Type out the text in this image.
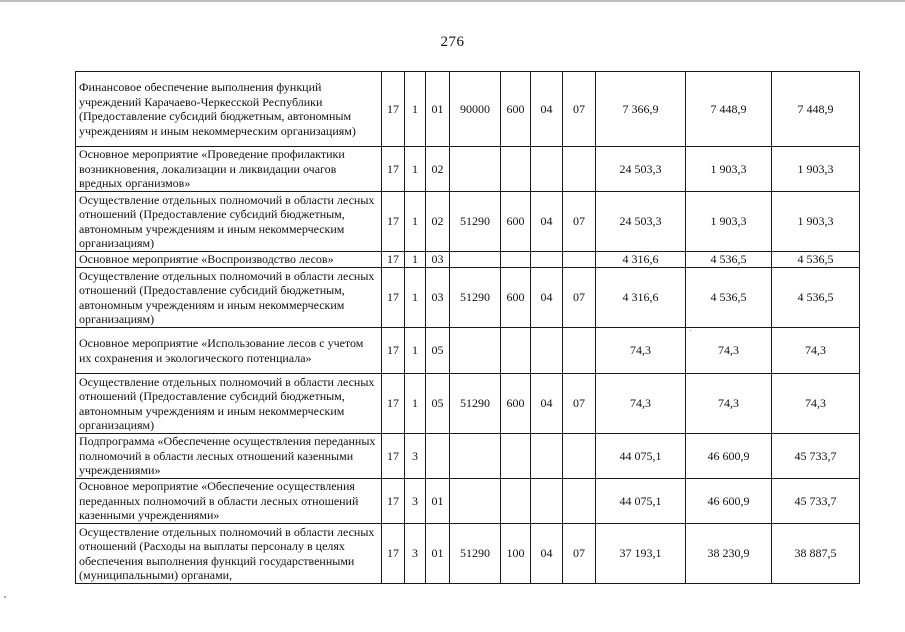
276
Финансовое обеспечение выполнения функций учреждений Карачаево-Черкесской Республики (Предоставление субсидий бюджетным, автономным учреждениям и иным некоммерческим организациям)	17	1	01	90000	600	04	07	7 366,9	7 448,9	7 448,9
Основное мероприятие «Проведение профилактики возникновения, локализации и ликвидации очагов вредных организмов»	17	1	02					24 503,3	1 903,3	1 903,3
Осуществление отдельных полномочий в области лесных отношений (Предоставление субсидий бюджетным, автономным учреждениям и иным некоммерческим организациям)	17	1	02	51290	600	04	07	24 503,3	1 903,3	1 903,3
Основное мероприятие «Воспроизводство лесов»	17	1	03					4 316,6	4 536,5	4 536,5
Осуществление отдельных полномочий в области лесных отношений (Предоставление субсидий бюджетным, автономным учреждениям и иным некоммерческим организациям)	17	1	03	51290	600	04	07	4 316,6	4 536,5	4 536,5
Основное мероприятие «Использование лесов с учетом их сохранения и экологического потенциала»	17	1	05					74,3	74,3	74,3
Осуществление отдельных полномочий в области лесных отношений (Предоставление субсидий бюджетным, автономным учреждениям и иным некоммерческим организациям)	17	1	05	51290	600	04	07	74,3	74,3	74,3
Подпрограмма «Обеспечение осуществления переданных полномочий в области лесных отношений казенными учреждениями»	17	3						44 075,1	46 600,9	45 733,7
Основное мероприятие «Обеспечение осуществления переданных полномочий в области лесных отношений казенными учреждениями»	17	3	01					44 075,1	46 600,9	45 733,7
Осуществление отдельных полномочий в области лесных отношений (Расходы на выплаты персоналу в целях обеспечения выполнения функций государственными (муниципальными) органами,	17	3	01	51290	100	04	07	37 193,1	38 230,9	38 887,5
